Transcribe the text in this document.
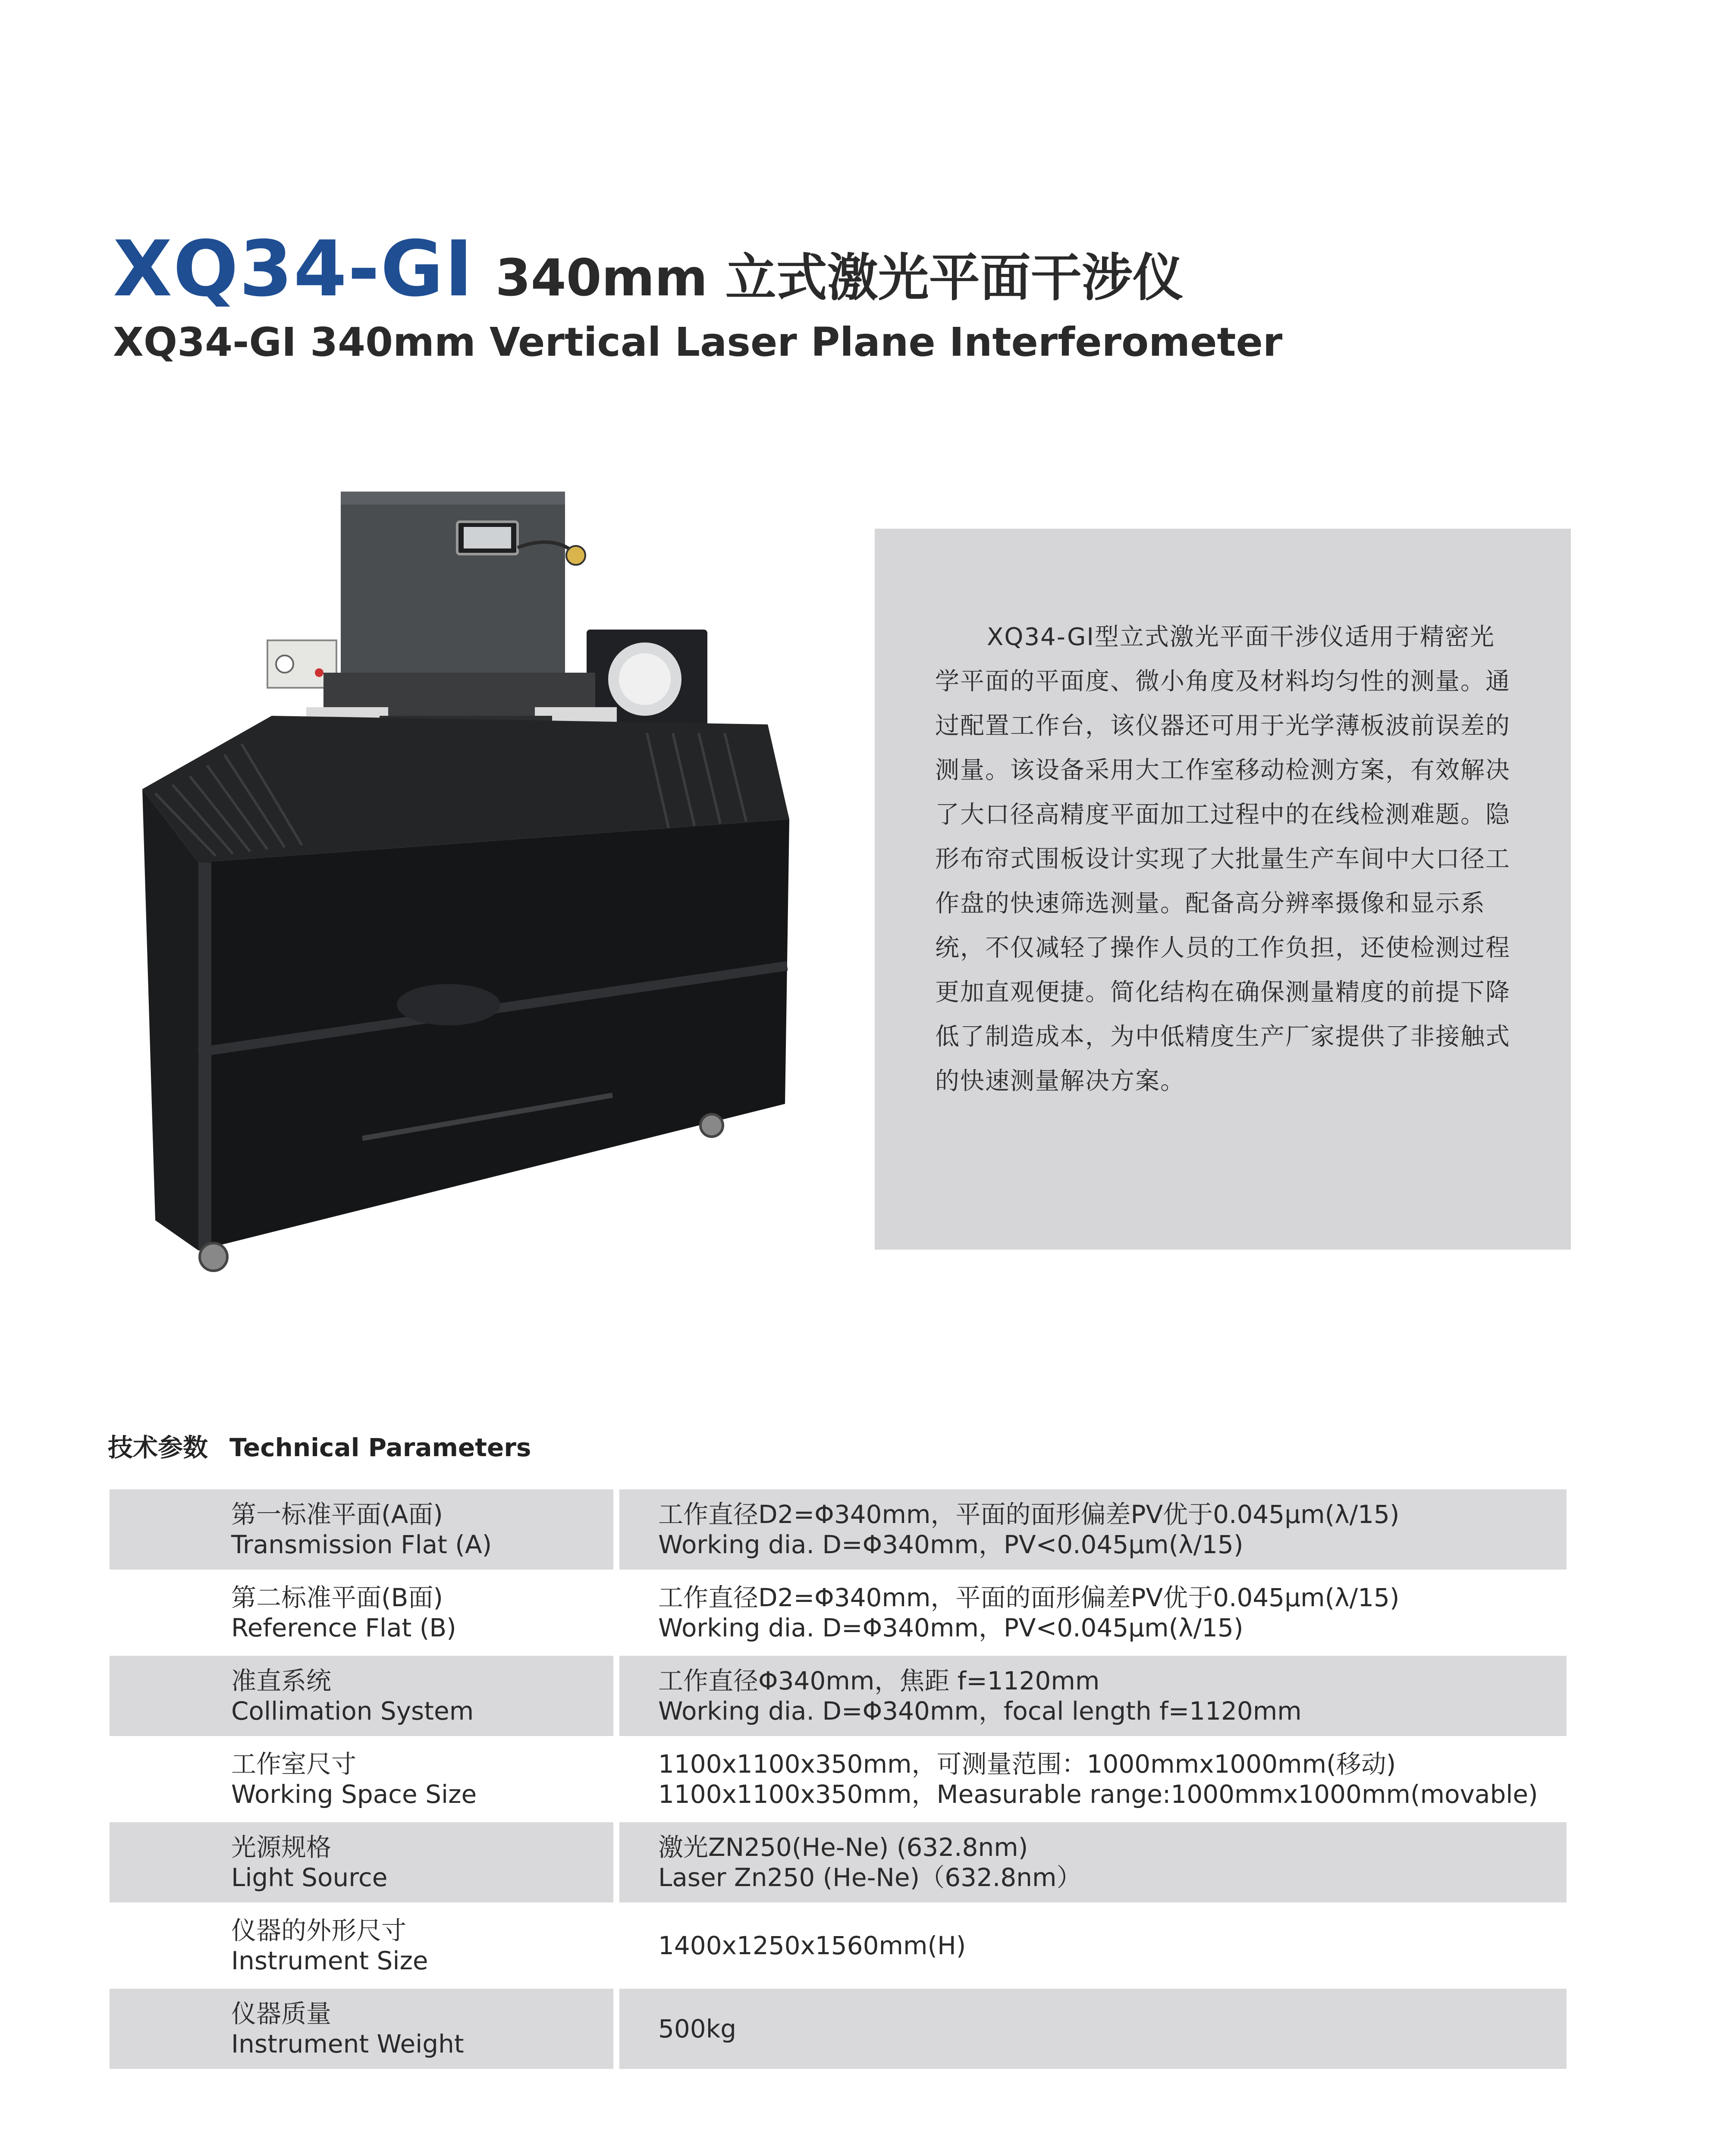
XQ34-GI 340mm 立式激光平面干涉仪
XQ34-GI 340mm Vertical Laser Plane Interferometer
XQ34-GI型立式激光平面干涉仪适用于精密光学平面的平面度、微小角度及材料均匀性的测量。通过配置工作台，该仪器还可用于光学薄板波前误差的测量。该设备采用大工作室移动检测方案，有效解决了大口径高精度平面加工过程中的在线检测难题。隐形布帘式围板设计实现了大批量生产车间中大口径工作盘的快速筛选测量。配备高分辨率摄像和显示系统，不仅减轻了操作人员的工作负担，还使检测过程更加直观便捷。简化结构在确保测量精度的前提下降低了制造成本，为中低精度生产厂家提供了非接触式的快速测量解决方案。
技术参数 Technical Parameters
第一标准平面(A面)
Transmission Flat (A)
工作直径D2=Φ340mm，平面的面形偏差PV优于0.045μm(λ/15)
Working dia. D=Φ340mm，PV<0.045μm(λ/15)
第二标准平面(B面)
Reference Flat (B)
工作直径D2=Φ340mm，平面的面形偏差PV优于0.045μm(λ/15)
Working dia. D=Φ340mm，PV<0.045μm(λ/15)
准直系统
Collimation System
工作直径Φ340mm，焦距 f=1120mm
Working dia. D=Φ340mm，focal length f=1120mm
工作室尺寸
Working Space Size
1100x1100x350mm，可测量范围：1000mmx1000mm(移动)
1100x1100x350mm，Measurable range:1000mmx1000mm(movable)
光源规格
Light Source
激光ZN250(He-Ne) (632.8nm)
Laser Zn250 (He-Ne)（632.8nm）
仪器的外形尺寸
Instrument Size
1400x1250x1560mm(H)
仪器质量
Instrument Weight
500kg
